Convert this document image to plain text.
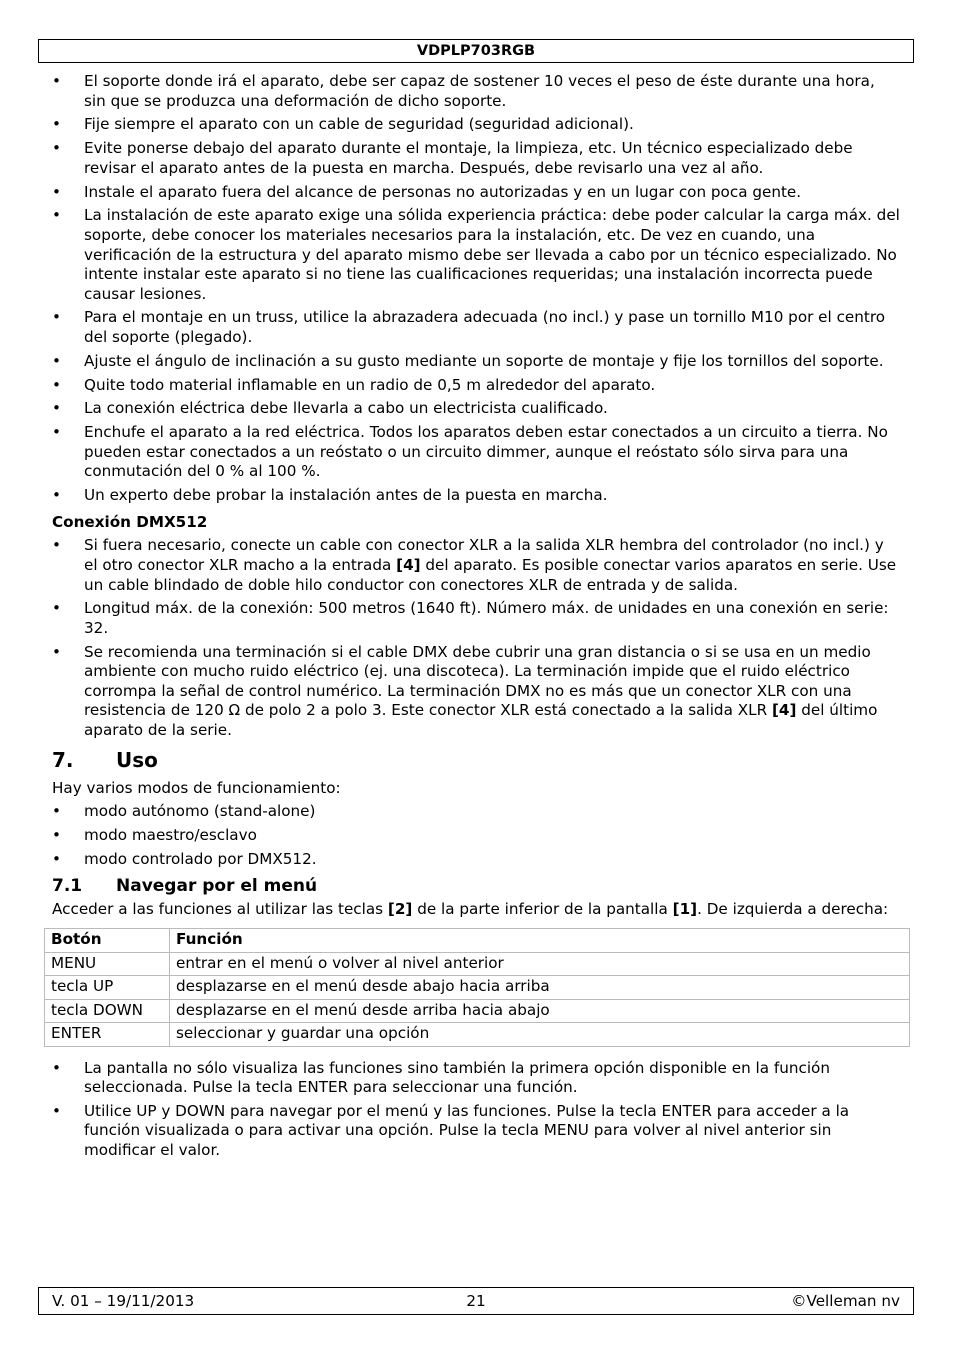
VDPLP703RGB
• El soporte donde irá el aparato, debe ser capaz de sostener 10 veces el peso de éste durante una hora, sin que se produzca una deformación de dicho soporte.
• Fije siempre el aparato con un cable de seguridad (seguridad adicional).
• Evite ponerse debajo del aparato durante el montaje, la limpieza, etc. Un técnico especializado debe revisar el aparato antes de la puesta en marcha. Después, debe revisarlo una vez al año.
• Instale el aparato fuera del alcance de personas no autorizadas y en un lugar con poca gente.
• La instalación de este aparato exige una sólida experiencia práctica: debe poder calcular la carga máx. del soporte, debe conocer los materiales necesarios para la instalación, etc. De vez en cuando, una verificación de la estructura y del aparato mismo debe ser llevada a cabo por un técnico especializado. No intente instalar este aparato si no tiene las cualificaciones requeridas; una instalación incorrecta puede causar lesiones.
• Para el montaje en un truss, utilice la abrazadera adecuada (no incl.) y pase un tornillo M10 por el centro del soporte (plegado).
• Ajuste el ángulo de inclinación a su gusto mediante un soporte de montaje y fije los tornillos del soporte.
• Quite todo material inflamable en un radio de 0,5 m alrededor del aparato.
• La conexión eléctrica debe llevarla a cabo un electricista cualificado.
• Enchufe el aparato a la red eléctrica. Todos los aparatos deben estar conectados a un circuito a tierra. No pueden estar conectados a un reóstato o un circuito dimmer, aunque el reóstato sólo sirva para una conmutación del 0 % al 100 %.
• Un experto debe probar la instalación antes de la puesta en marcha.
Conexión DMX512
• Si fuera necesario, conecte un cable con conector XLR a la salida XLR hembra del controlador (no incl.) y el otro conector XLR macho a la entrada [4] del aparato. Es posible conectar varios aparatos en serie. Use un cable blindado de doble hilo conductor con conectores XLR de entrada y de salida.
• Longitud máx. de la conexión: 500 metros (1640 ft). Número máx. de unidades en una conexión en serie: 32.
• Se recomienda una terminación si el cable DMX debe cubrir una gran distancia o si se usa en un medio ambiente con mucho ruido eléctrico (ej. una discoteca). La terminación impide que el ruido eléctrico corrompa la señal de control numérico. La terminación DMX no es más que un conector XLR con una resistencia de 120 Ω de polo 2 a polo 3. Este conector XLR está conectado a la salida XLR [4] del último aparato de la serie.
7. Uso

Hay varios modos de funcionamiento:

• modo autónomo (stand-alone)
• modo maestro/esclavo
• modo controlado por DMX512.
7.1 Navegar por el menú

Acceder a las funciones al utilizar las teclas [2] de la parte inferior de la pantalla [1]. De izquierda a derecha:

Botón	Función
MENU	entrar en el menú o volver al nivel anterior
tecla UP	desplazarse en el menú desde abajo hacia arriba
tecla DOWN	desplazarse en el menú desde arriba hacia abajo
ENTER	seleccionar y guardar una opción
• La pantalla no sólo visualiza las funciones sino también la primera opción disponible en la función seleccionada. Pulse la tecla ENTER para seleccionar una función.
• Utilice UP y DOWN para navegar por el menú y las funciones. Pulse la tecla ENTER para acceder a la función visualizada o para activar una opción. Pulse la tecla MENU para volver al nivel anterior sin modificar el valor.
V. 01 – 19/11/2013	21	©Velleman nv
